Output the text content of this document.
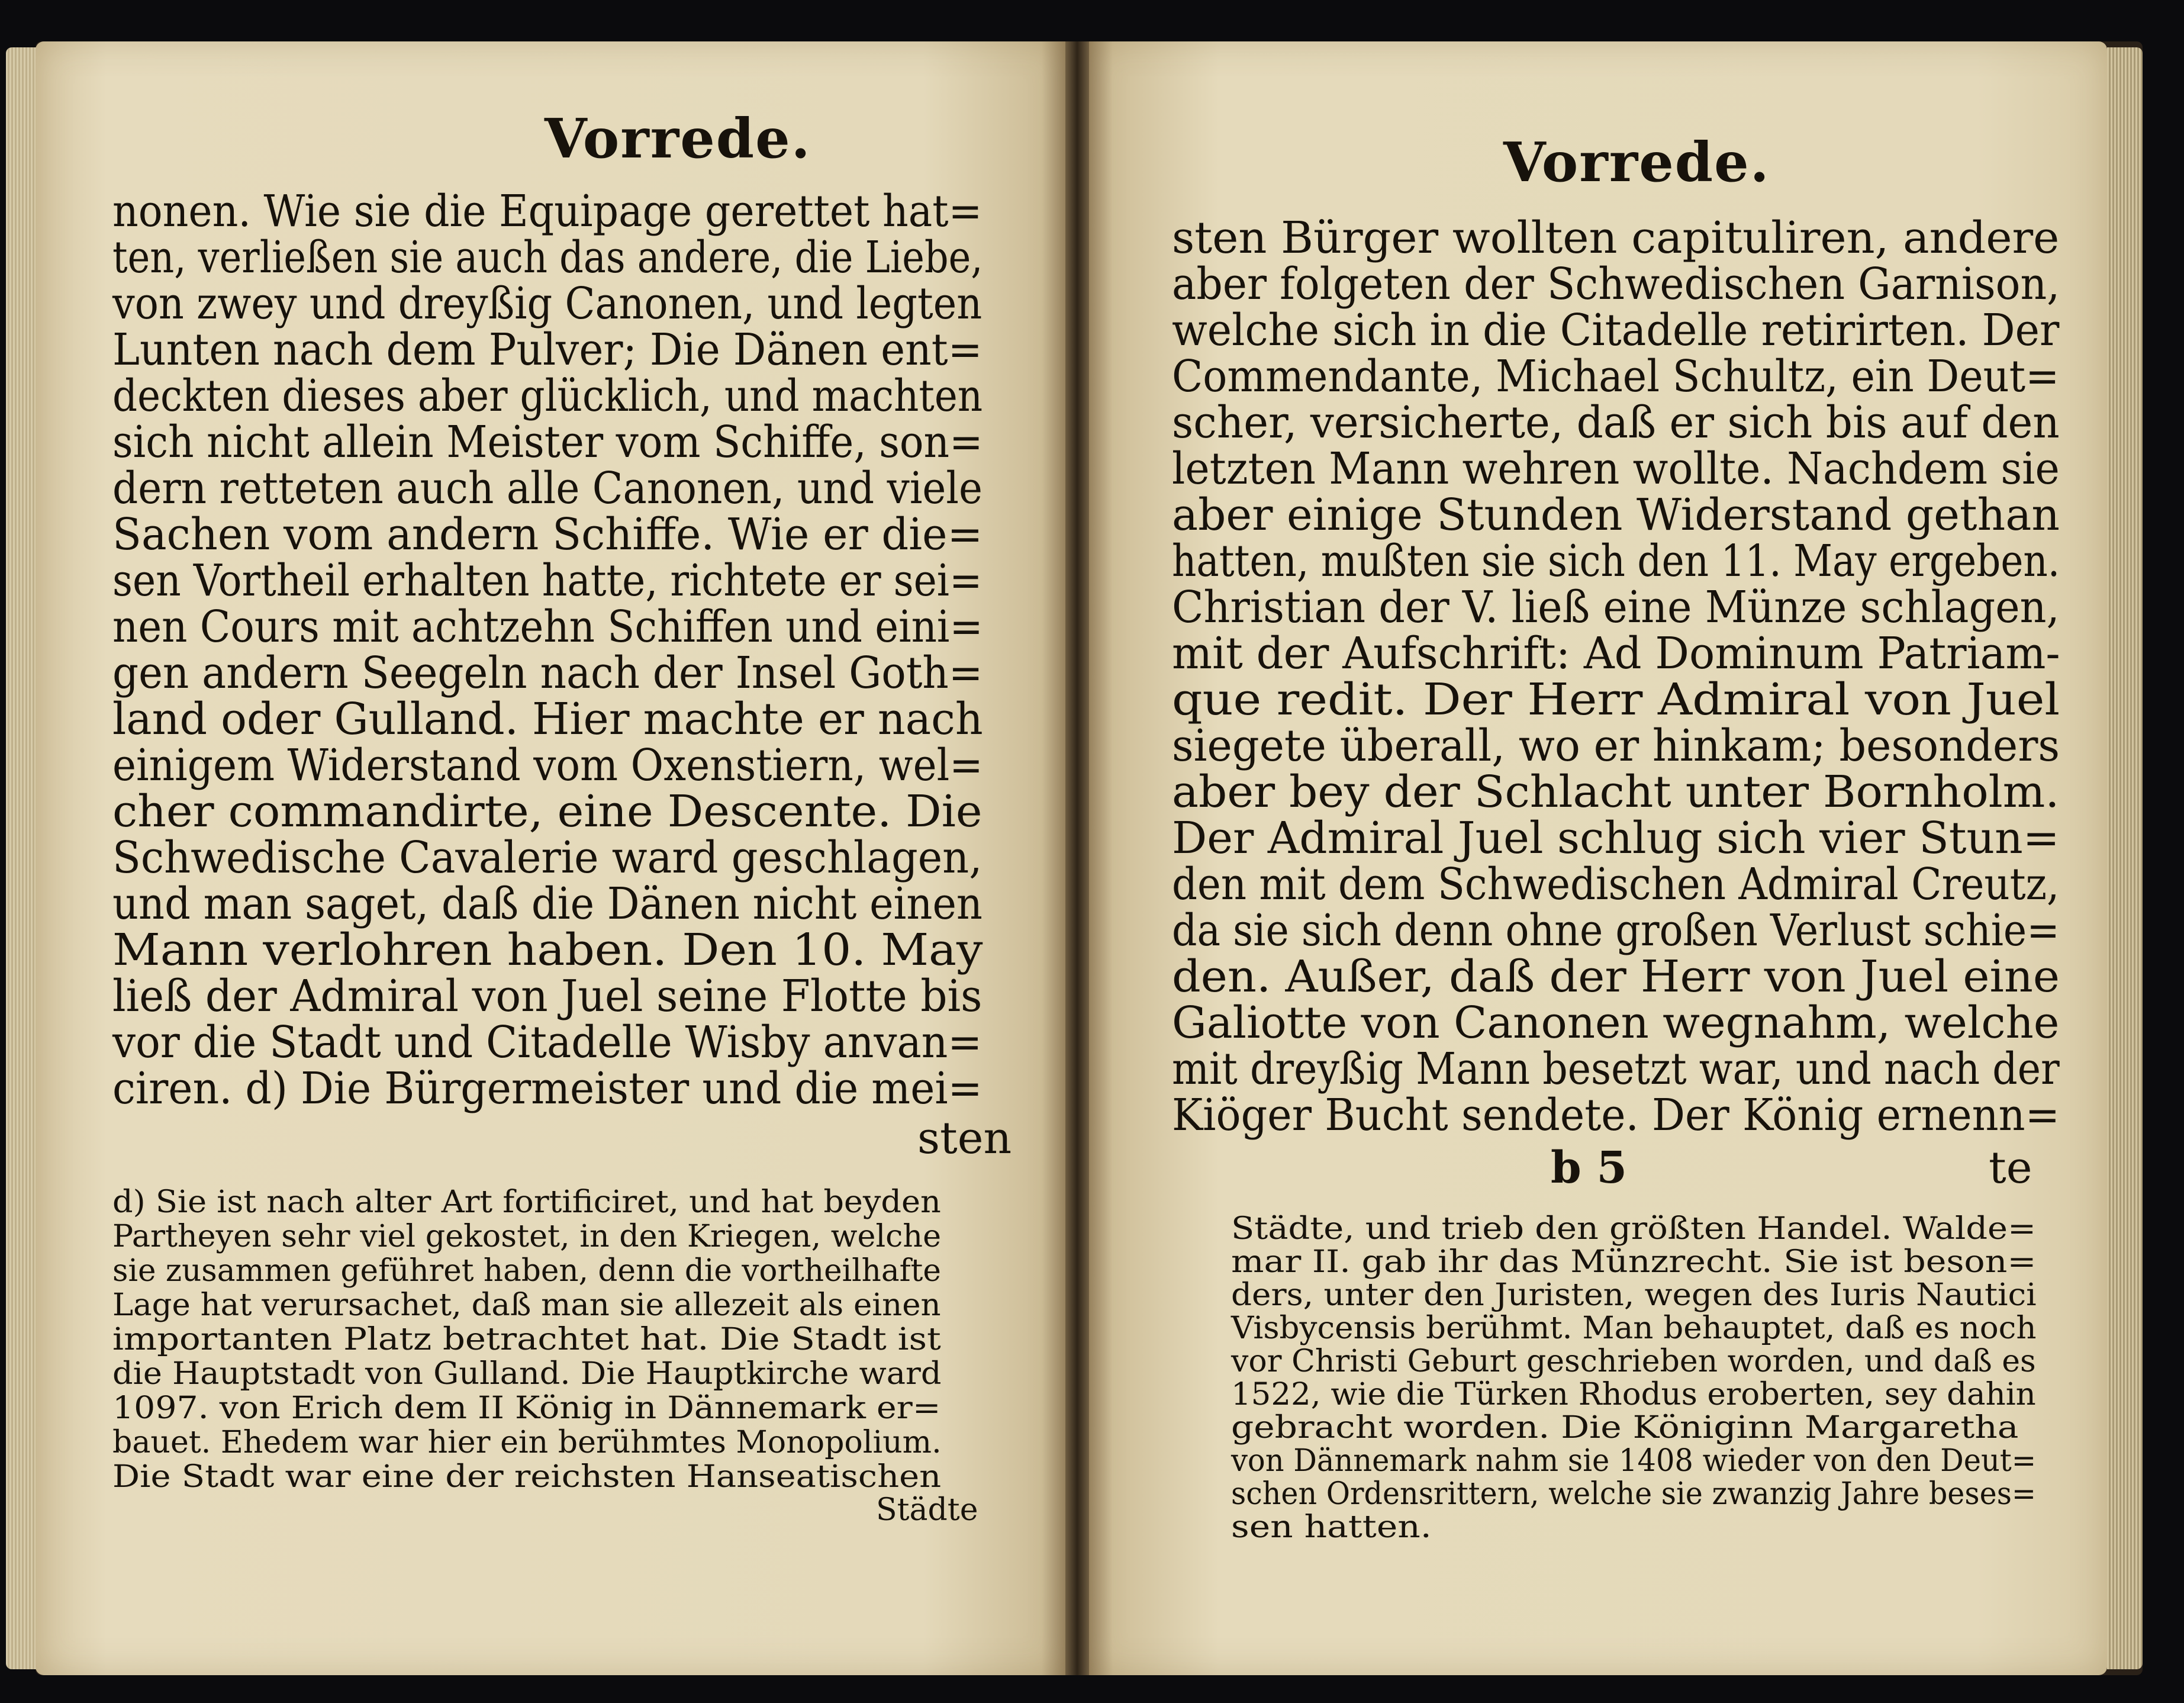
Vorrede.
nonen. Wie sie die Equipage gerettet hat=
ten, verließen sie auch das andere, die Liebe,
von zwey und dreyßig Canonen, und legten
Lunten nach dem Pulver; Die Dänen ent=
deckten dieses aber glücklich, und machten
sich nicht allein Meister vom Schiffe, son=
dern retteten auch alle Canonen, und viele
Sachen vom andern Schiffe. Wie er die=
sen Vortheil erhalten hatte, richtete er sei=
nen Cours mit achtzehn Schiffen und eini=
gen andern Seegeln nach der Insel Goth=
land oder Gulland. Hier machte er nach
einigem Widerstand vom Oxenstiern, wel=
cher commandirte, eine Descente. Die
Schwedische Cavalerie ward geschlagen,
und man saget, daß die Dänen nicht einen
Mann verlohren haben. Den 10. May
ließ der Admiral von Juel seine Flotte bis
vor die Stadt und Citadelle Wisby anvan=
ciren. d) Die Bürgermeister und die mei=
sten
d) Sie ist nach alter Art fortificiret, und hat beyden
Partheyen sehr viel gekostet, in den Kriegen, welche
sie zusammen geführet haben, denn die vortheilhafte
Lage hat verursachet, daß man sie allezeit als einen
importanten Platz betrachtet hat. Die Stadt ist
die Hauptstadt von Gulland. Die Hauptkirche ward
1097. von Erich dem II König in Dännemark er=
bauet. Ehedem war hier ein berühmtes Monopolium.
Die Stadt war eine der reichsten Hanseatischen
Städte
Vorrede.
sten Bürger wollten capituliren, andere
aber folgeten der Schwedischen Garnison,
welche sich in die Citadelle retirirten. Der
Commendante, Michael Schultz, ein Deut=
scher, versicherte, daß er sich bis auf den
letzten Mann wehren wollte. Nachdem sie
aber einige Stunden Widerstand gethan
hatten, mußten sie sich den 11. May ergeben.
Christian der V. ließ eine Münze schlagen,
mit der Aufschrift: Ad Dominum Patriam-
que redit. Der Herr Admiral von Juel
siegete überall, wo er hinkam; besonders
aber bey der Schlacht unter Bornholm.
Der Admiral Juel schlug sich vier Stun=
den mit dem Schwedischen Admiral Creutz,
da sie sich denn ohne großen Verlust schie=
den. Außer, daß der Herr von Juel eine
Galiotte von Canonen wegnahm, welche
mit dreyßig Mann besetzt war, und nach der
Kiöger Bucht sendete. Der König ernenn=
b 5	te
Städte, und trieb den größten Handel. Walde=
mar II. gab ihr das Münzrecht. Sie ist beson=
ders, unter den Juristen, wegen des Iuris Nautici
Visbycensis berühmt. Man behauptet, daß es noch
vor Christi Geburt geschrieben worden, und daß es
1522, wie die Türken Rhodus eroberten, sey dahin
gebracht worden. Die Königinn Margaretha
von Dännemark nahm sie 1408 wieder von den Deut=
schen Ordensrittern, welche sie zwanzig Jahre beses=
sen hatten.
